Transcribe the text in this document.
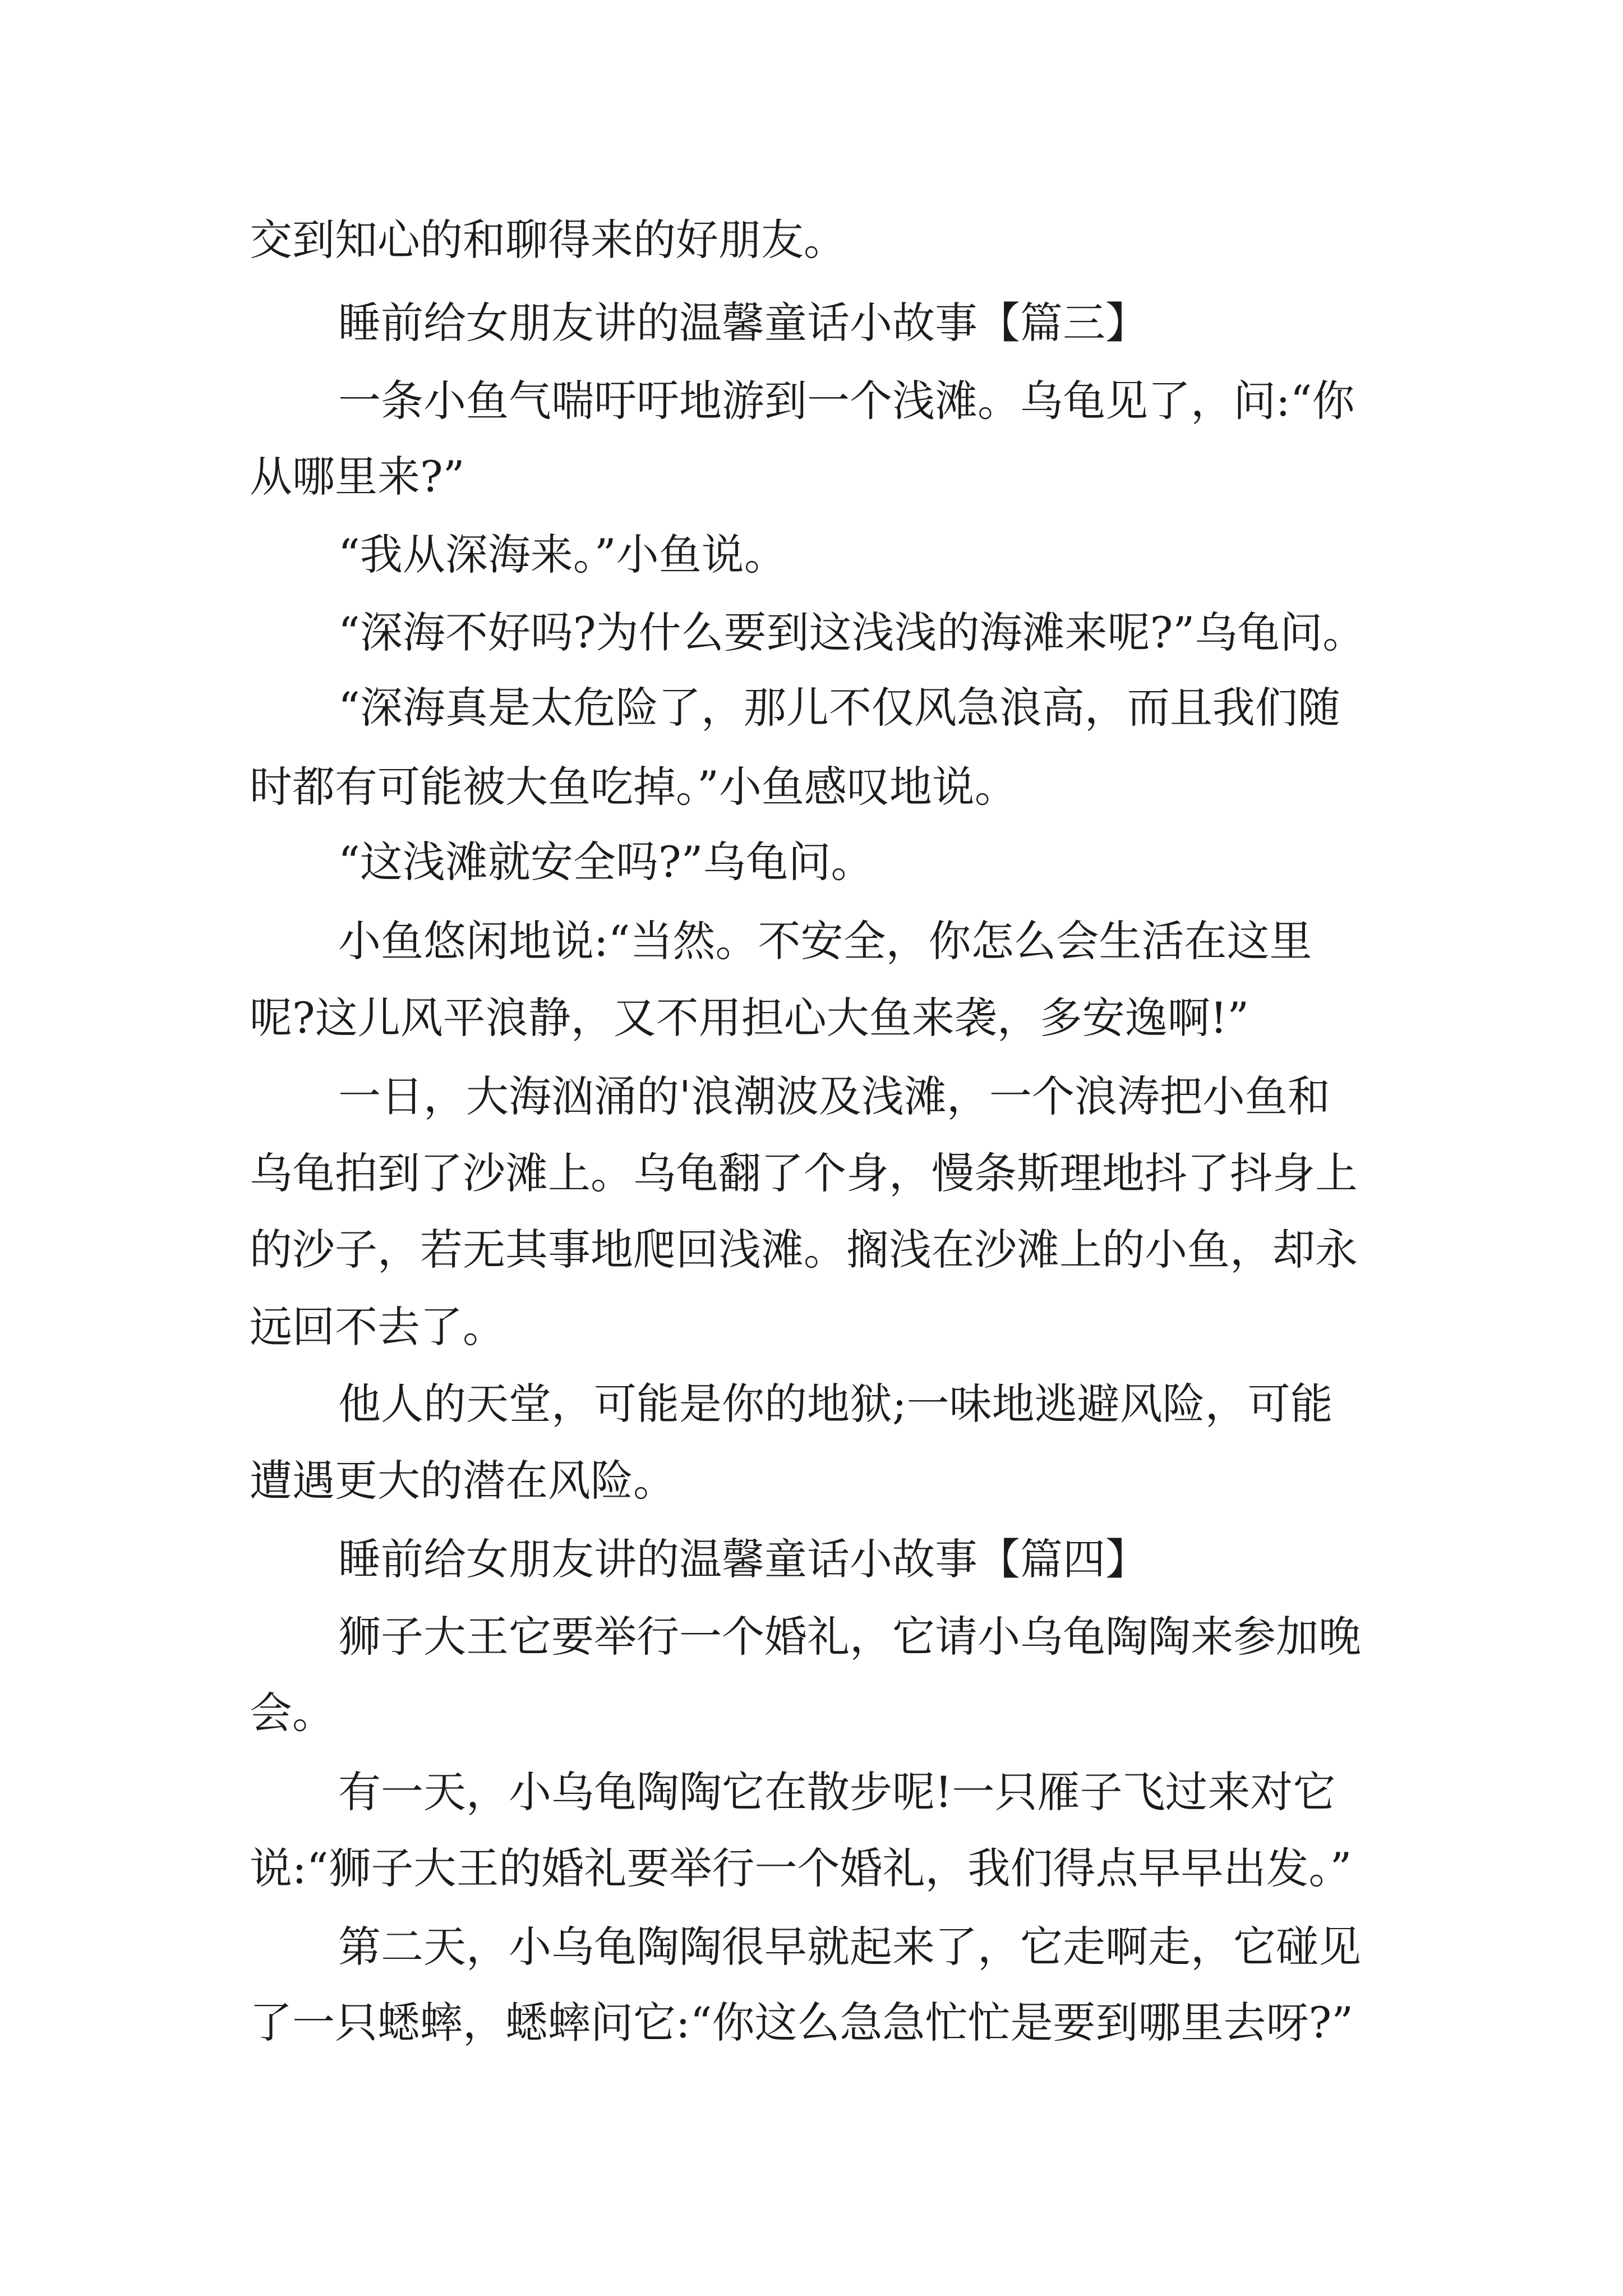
交到知心的和聊得来的好朋友。
睡前给女朋友讲的温馨童话小故事【篇三】
一条小鱼气喘吁吁地游到一个浅滩。乌龟见了，问:“你
从哪里来?”
“我从深海来。”小鱼说。
“深海不好吗?为什么要到这浅浅的海滩来呢?”乌龟问。
“深海真是太危险了，那儿不仅风急浪高，而且我们随
时都有可能被大鱼吃掉。”小鱼感叹地说。
“这浅滩就安全吗?”乌龟问。
小鱼悠闲地说:“当然。不安全，你怎么会生活在这里
呢?这儿风平浪静，又不用担心大鱼来袭，多安逸啊!”
一日，大海汹涌的'浪潮波及浅滩，一个浪涛把小鱼和
乌龟拍到了沙滩上。乌龟翻了个身，慢条斯理地抖了抖身上
的沙子，若无其事地爬回浅滩。搁浅在沙滩上的小鱼，却永
远回不去了。
他人的天堂，可能是你的地狱;一味地逃避风险，可能
遭遇更大的潜在风险。
睡前给女朋友讲的温馨童话小故事【篇四】
狮子大王它要举行一个婚礼，它请小乌龟陶陶来参加晚
会。
有一天，小乌龟陶陶它在散步呢!一只雁子飞过来对它
说:“狮子大王的婚礼要举行一个婚礼，我们得点早早出发。”
第二天，小乌龟陶陶很早就起来了，它走啊走，它碰见
了一只蟋蟀，蟋蟀问它:“你这么急急忙忙是要到哪里去呀?”
